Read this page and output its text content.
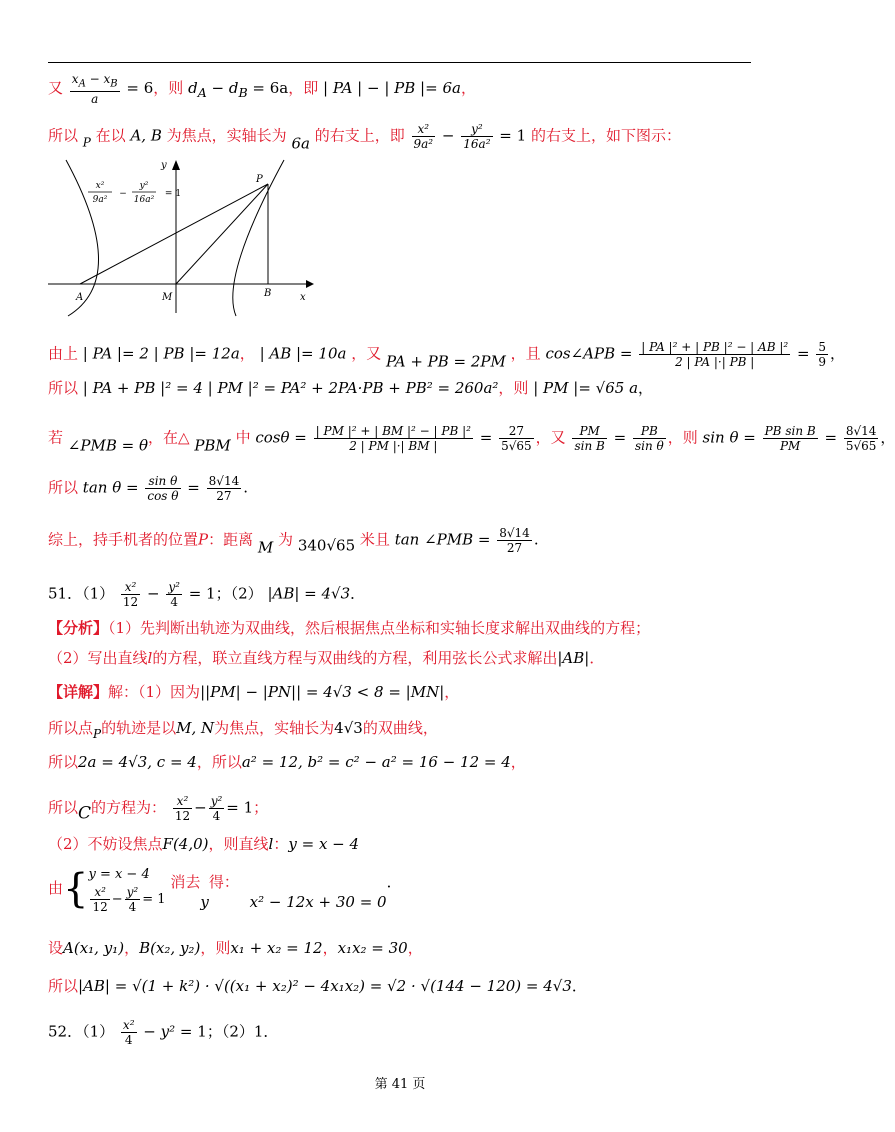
又 $\frac{x_A - x_B}{a} = 6$，则 $d_A - d_B = 6a$，即 | PA | − | PB |= 6a，
所以 $_P$ 在以 A, B 为焦点，实轴长为 6a 的右支上，即 $\frac{\text{x²}}{\text{9a²}} - \frac{\text{y²}}{\text{16a²}} = 1$ 的右支上，如下图示：
x²
9a²
−
y²
16a²
= 1
y
x
P
A	M	B
由上 | PA |= 2 | PB |= 12a， | AB |= 10a ，又 PA + PB = 2PM ，且 cos∠APB = $\frac{\text{| PA |² + | PB |² − | AB |²}}{2 | PA |\cdot| PB |} = \frac{5}{9}$ ，
所以 | PA + PB |² = 4 | PM |² = PA² + 2PA·PB + PB² = 260a²，则 | PM |= √65 a，
若 ∠PMB = θ，在△ PBM 中 $\cos\theta = \frac{\text{| PM |² + | BM |² − | PB |²}}{2 | PM |\cdot| BM |} = \frac{27}{5√65}$ ，又 $\frac{PM}{\text{sin B}} = \frac{PB}{\text{sin θ}}$ ，则 $\sin \theta = \frac{\text{PB sin B}}{PM} = \frac{8√14}{5√65}$ ，
所以 $\tan \theta = \frac{\text{sin θ}}{\text{cos θ}} = \frac{8√14}{27}$ .
综上，持手机者的位置P：距离 M 为 340√65 米且 tan ∠PMB = $\frac{8√14}{27}$ .
51．$(1) \frac{\text{x²}}{12} - \frac{\text{y²}}{4} = 1$；（2） |AB| = 4√3．
【分析】（1）先判断出轨迹为双曲线，然后根据焦点坐标和实轴长度求解出双曲线的方程；
（2）写出直线l的方程，联立直线方程与双曲线的方程，利用弦长公式求解出|AB|．
【详解】解：（1）因为||PM| − |PN|| = 4√3 < 8 = |MN|，
所以点$_P$的轨迹是以M, N为焦点，实轴长为4√3的双曲线，
所以2a = 4√3, c = 4，所以a² = 12, b² = c² − a² = 16 − 12 = 4，
所以C的方程为： $\frac{\text{x²}}{12} - \frac{\text{y²}}{4} = 1$；
（2）不妨设焦点F(4,0)，则直线l：y = x − 4
由{ y = x − 4
$\frac{\text{x²}}{12} - \frac{\text{y²}}{4} = 1$
消去y得： x² − 12x + 30 = 0．
设A(x₁, y₁)，B(x₂, y₂)，则x₁ + x₂ = 12，x₁x₂ = 30，
所以|AB| = √(1 + k²) · √((x₁ + x₂)² − 4x₁x₂) = √2 · √(144 − 120) = 4√3．
52．$(1) \frac{\text{x²}}{4} - y^2 = 1$；（2）1．
第 41 页
